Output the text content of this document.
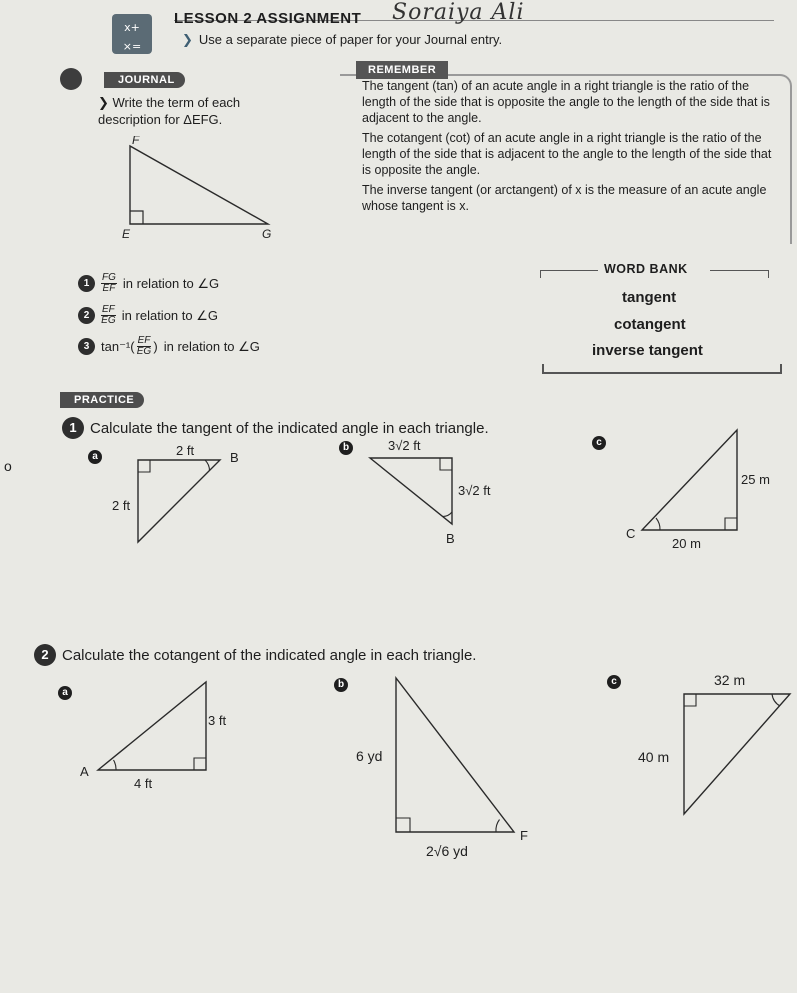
x+
×=
LESSON 2 ASSIGNMENT Soraiya Ali
❯ Use a separate piece of paper for your Journal entry.
JOURNAL
❯ Write the term of each description for ΔEFG.
F
E	G
1	$\frac{FG}{EF}$ in relation to ∠G
2	$\frac{EF}{EG}$ in relation to ∠G
3 $\tan^{-1}( \frac{EF}{EG}$ ) in relation to ∠G
REMEMBER

The tangent (tan) of an acute angle in a right triangle is the ratio of the length of the side that is opposite the angle to the length of the side that is adjacent to the angle.

The cotangent (cot) of an acute angle in a right triangle is the ratio of the length of the side that is adjacent to the angle to the length of the side that is opposite the angle.

The inverse tangent (or arctangent) of x is the measure of an acute angle whose tangent is x.

WORD BANK
tangent
cotangent
inverse tangent
PRACTICE
o
1 Calculate the tangent of the indicated angle in each triangle.
a	2 ft
2 ft
B
b	3√2 ft
3√2 ft
B
c
25 m
20 m
C
2 Calculate the cotangent of the indicated angle in each triangle.
a
3 ft
4 ft
A
b
6 yd
2√6 yd
F
c	32 m
40 m
